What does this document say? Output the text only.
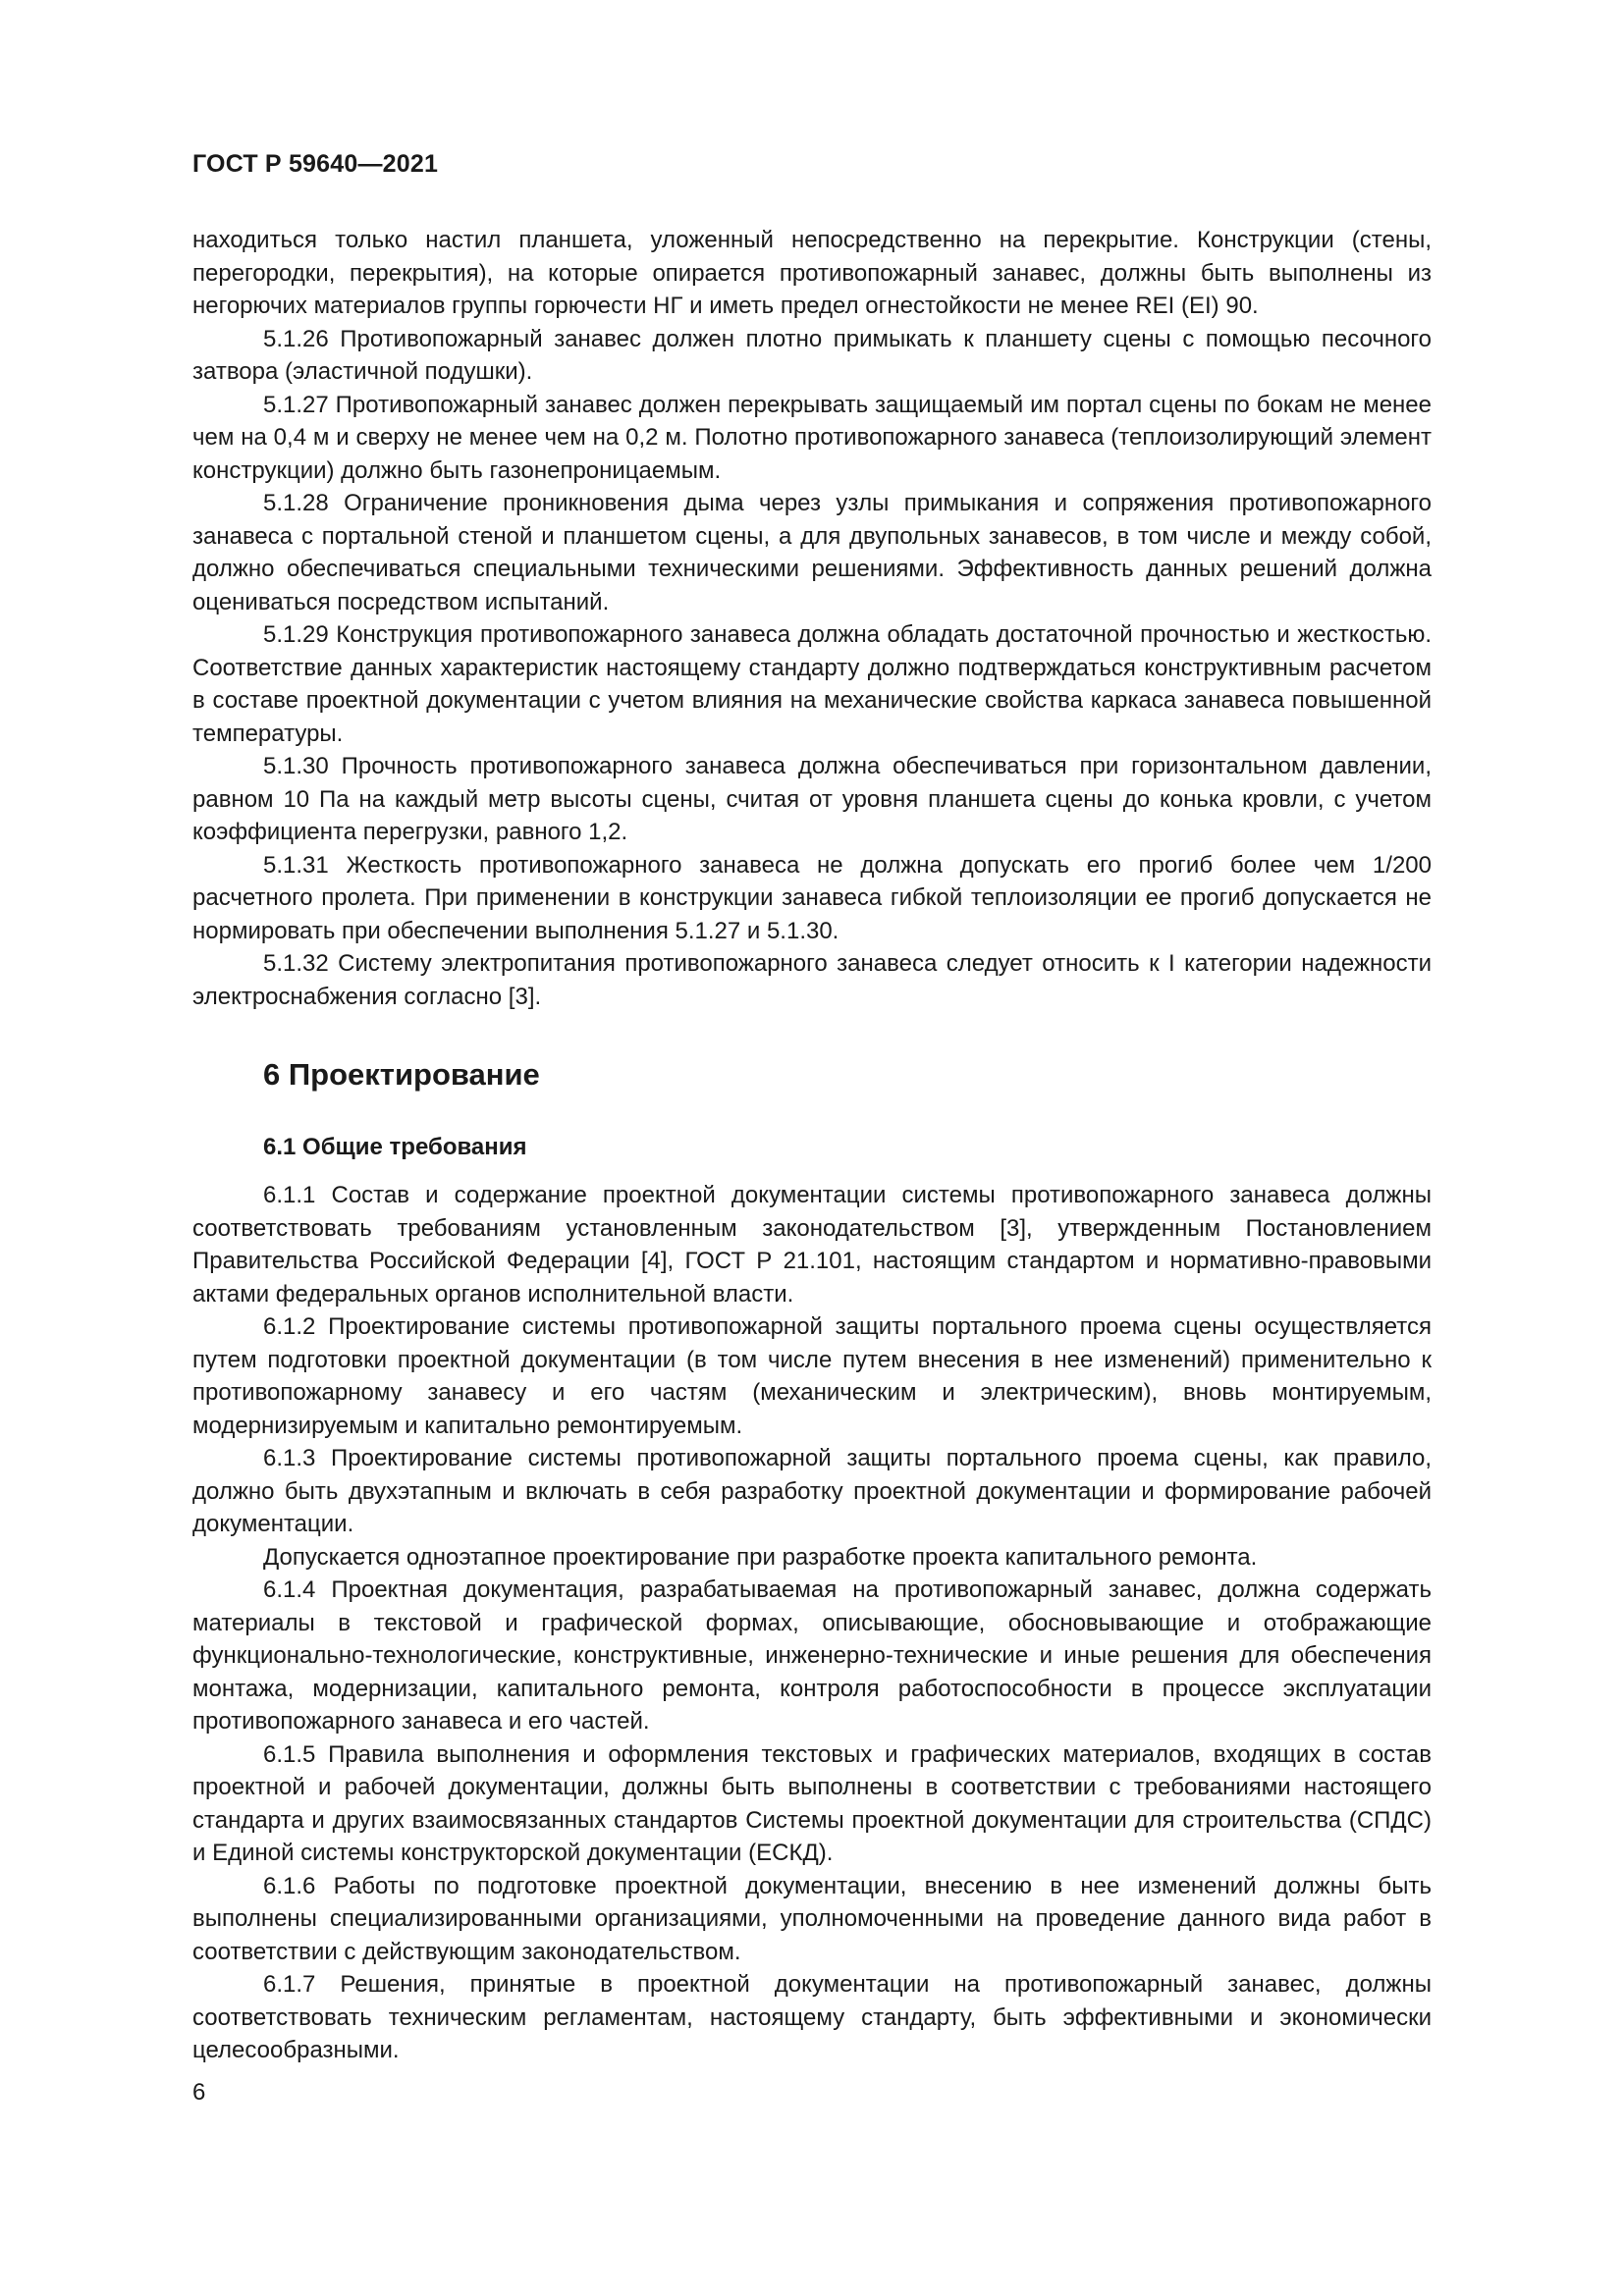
ГОСТ Р 59640—2021

находиться только настил планшета, уложенный непосредственно на перекрытие. Конструкции (стены, перегородки, перекрытия), на которые опирается противопожарный занавес, должны быть выполнены из негорючих материалов группы горючести НГ и иметь предел огнестойкости не менее REI (EI) 90.

5.1.26 Противопожарный занавес должен плотно примыкать к планшету сцены с помощью песочного затвора (эластичной подушки).

5.1.27 Противопожарный занавес должен перекрывать защищаемый им портал сцены по бокам не менее чем на 0,4 м и сверху не менее чем на 0,2 м. Полотно противопожарного занавеса (теплоизолирующий элемент конструкции) должно быть газонепроницаемым.

5.1.28 Ограничение проникновения дыма через узлы примыкания и сопряжения противопожарного занавеса с портальной стеной и планшетом сцены, а для двупольных занавесов, в том числе и между собой, должно обеспечиваться специальными техническими решениями. Эффективность данных решений должна оцениваться посредством испытаний.

5.1.29 Конструкция противопожарного занавеса должна обладать достаточной прочностью и жесткостью. Соответствие данных характеристик настоящему стандарту должно подтверждаться конструктивным расчетом в составе проектной документации с учетом влияния на механические свойства каркаса занавеса повышенной температуры.

5.1.30 Прочность противопожарного занавеса должна обеспечиваться при горизонтальном давлении, равном 10 Па на каждый метр высоты сцены, считая от уровня планшета сцены до конька кровли, с учетом коэффициента перегрузки, равного 1,2.

5.1.31 Жесткость противопожарного занавеса не должна допускать его прогиб более чем 1/200 расчетного пролета. При применении в конструкции занавеса гибкой теплоизоляции ее прогиб допускается не нормировать при обеспечении выполнения 5.1.27 и 5.1.30.

5.1.32 Систему электропитания противопожарного занавеса следует относить к I категории надежности электроснабжения согласно [3].

6 Проектирование
6.1 Общие требования

6.1.1 Состав и содержание проектной документации системы противопожарного занавеса должны соответствовать требованиям установленным законодательством [3], утвержденным Постановлением Правительства Российской Федерации [4], ГОСТ Р 21.101, настоящим стандартом и нормативно-правовыми актами федеральных органов исполнительной власти.

6.1.2 Проектирование системы противопожарной защиты портального проема сцены осуществляется путем подготовки проектной документации (в том числе путем внесения в нее изменений) применительно к противопожарному занавесу и его частям (механическим и электрическим), вновь монтируемым, модернизируемым и капитально ремонтируемым.

6.1.3 Проектирование системы противопожарной защиты портального проема сцены, как правило, должно быть двухэтапным и включать в себя разработку проектной документации и формирование рабочей документации.

Допускается одноэтапное проектирование при разработке проекта капитального ремонта.

6.1.4 Проектная документация, разрабатываемая на противопожарный занавес, должна содержать материалы в текстовой и графической формах, описывающие, обосновывающие и отображающие функционально-технологические, конструктивные, инженерно-технические и иные решения для обеспечения монтажа, модернизации, капитального ремонта, контроля работоспособности в процессе эксплуатации противопожарного занавеса и его частей.

6.1.5 Правила выполнения и оформления текстовых и графических материалов, входящих в состав проектной и рабочей документации, должны быть выполнены в соответствии с требованиями настоящего стандарта и других взаимосвязанных стандартов Системы проектной документации для строительства (СПДС) и Единой системы конструкторской документации (ЕСКД).

6.1.6 Работы по подготовке проектной документации, внесению в нее изменений должны быть выполнены специализированными организациями, уполномоченными на проведение данного вида работ в соответствии с действующим законодательством.

6.1.7 Решения, принятые в проектной документации на противопожарный занавес, должны соответствовать техническим регламентам, настоящему стандарту, быть эффективными и экономически целесообразными.

6
